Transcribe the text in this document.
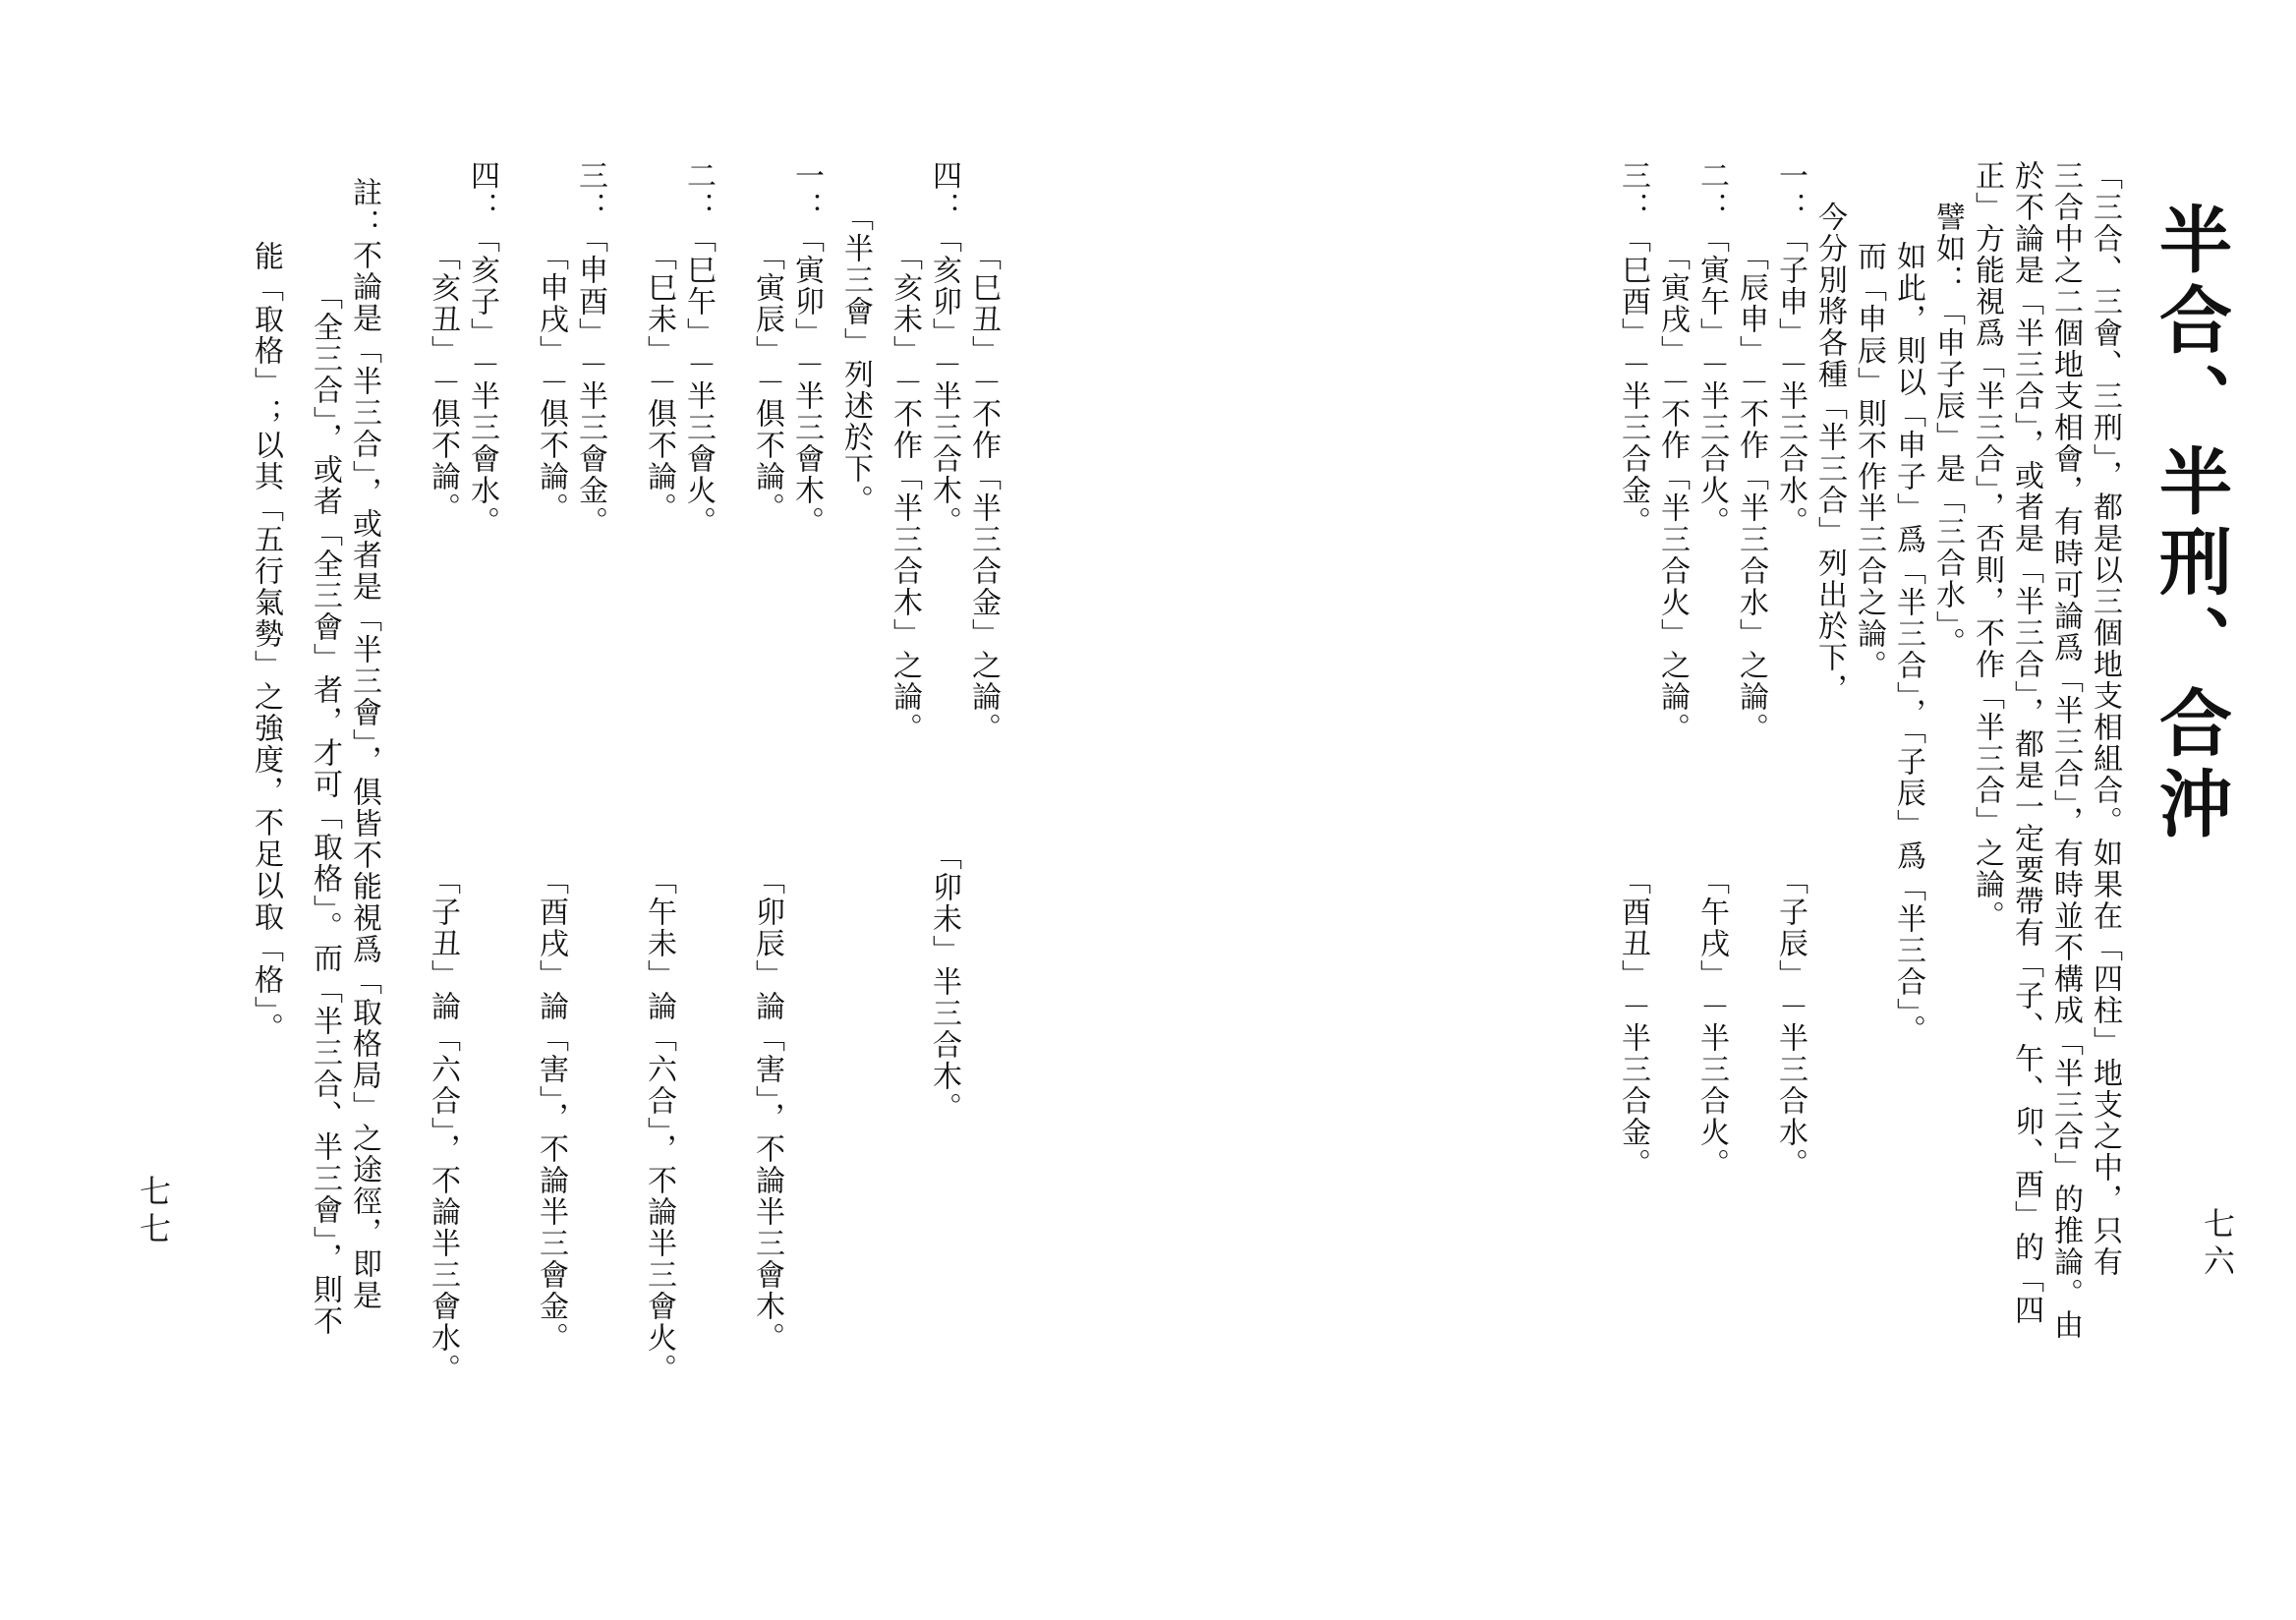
半合、半刑、合沖
「三合、三會、三刑」，都是以三個地支相組合。如果在「四柱」地支之中，只有
三合中之二個地支相會，有時可論爲「半三合」，有時並不構成「半三合」的推論。由
於不論是「半三合」，或者是「半三合」，都是一定要帶有「子、午、卯、酉」的「四
正」方能視爲「半三合」，否則，不作「半三合」之論。
譬如：「申子辰」是「三合水」。
如此，則以「申子」爲「半三合」，「子辰」爲「半三合」。
而「申辰」則不作半三合之論。
今分別將各種「半三合」列出於下，
一：「子申」－半三合水。
「子辰」－半三合水。
「辰申」－不作「半三合水」之論。
二：「寅午」－半三合火。
「午戌」－半三合火。
「寅戌」－不作「半三合火」之論。
三：「巳酉」－半三合金。
「酉丑」－半三合金。
七六
「巳丑」－不作「半三合金」之論。
四：「亥卯」－半三合木。
「卯未」半三合木。
「亥未」－不作「半三合木」之論。
「半三會」列述於下。
一：「寅卯」－半三會木。
「卯辰」論「害」，不論半三會木。
「寅辰」－俱不論。
二：「巳午」－半三會火。
「午未」論「六合」，不論半三會火。
「巳未」－俱不論。
三：「申酉」－半三會金。
「酉戌」論「害」，不論半三會金。
「申戌」－俱不論。
四：「亥子」－半三會水。
「子丑」論「六合」，不論半三會水。
「亥丑」－俱不論。
註：不論是「半三合」，或者是「半三會」，俱皆不能視爲「取格局」之途徑，即是
「全三合」，或者「全三會」者，才可「取格」。而「半三合、半三會」，則不
能「取格」；以其「五行氣勢」之強度，不足以取「格」。
七七
